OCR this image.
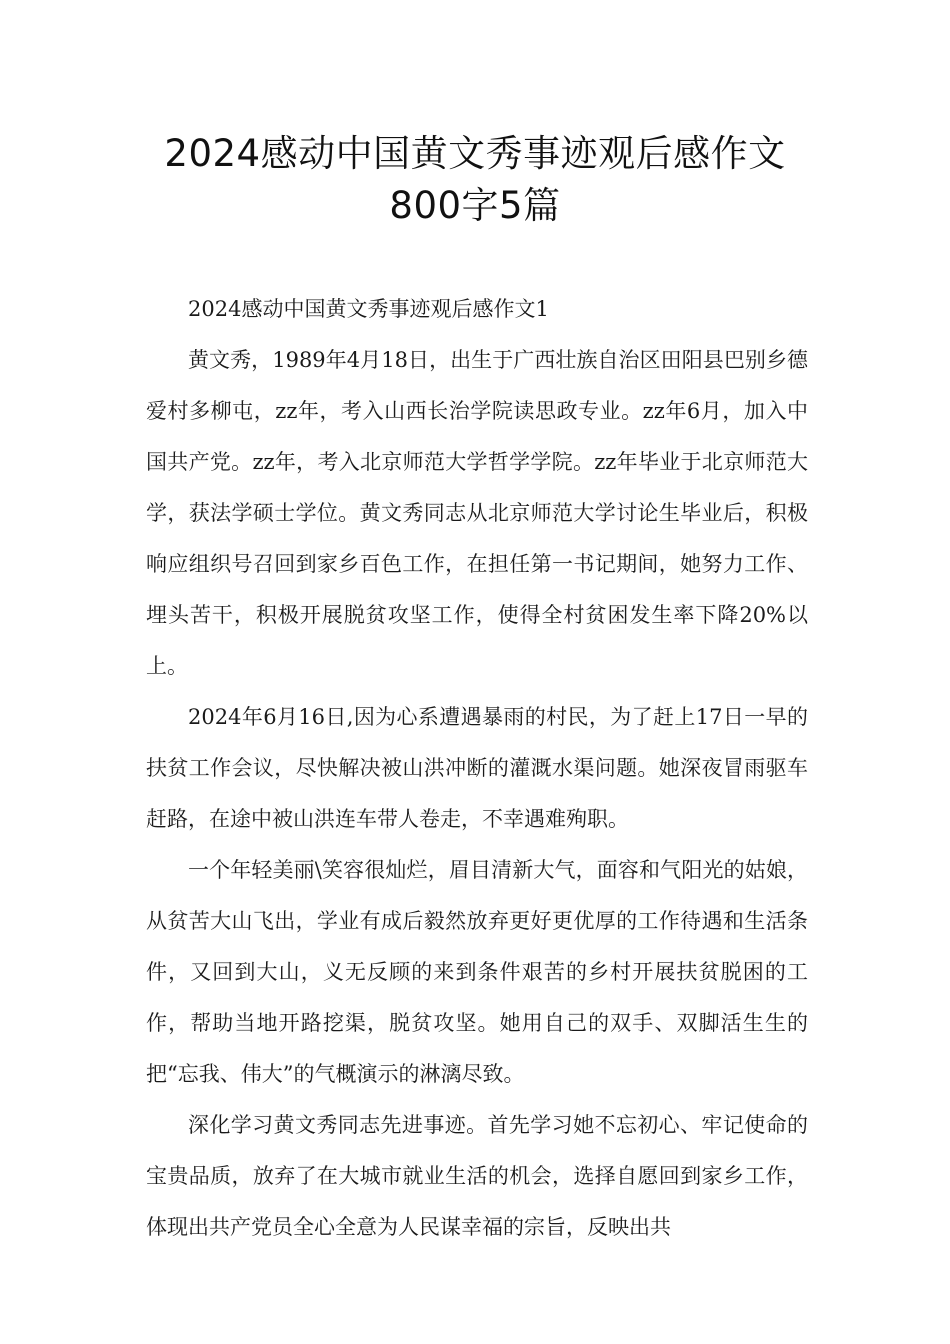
2024感动中国黄文秀事迹观后感作文
800字5篇

2024感动中国黄文秀事迹观后感作文1

黄文秀，1989年4月18日，出生于广西壮族自治区田阳县巴别乡德爱村多柳屯，zz年，考入山西长治学院读思政专业。zz年6月，加入中国共产党。zz年，考入北京师范大学哲学学院。zz年毕业于北京师范大学，获法学硕士学位。黄文秀同志从北京师范大学讨论生毕业后，积极响应组织号召回到家乡百色工作，在担任第一书记期间，她努力工作、埋头苦干，积极开展脱贫攻坚工作，使得全村贫困发生率下降20%以上。

2024年6月16日,因为心系遭遇暴雨的村民，为了赶上17日一早的扶贫工作会议，尽快解决被山洪冲断的灌溉水渠问题。她深夜冒雨驱车赶路，在途中被山洪连车带人卷走，不幸遇难殉职。

一个年轻美丽\笑容很灿烂，眉目清新大气，面容和气阳光的姑娘，从贫苦大山飞出，学业有成后毅然放弃更好更优厚的工作待遇和生活条件，又回到大山，义无反顾的来到条件艰苦的乡村开展扶贫脱困的工作，帮助当地开路挖渠，脱贫攻坚。她用自己的双手、双脚活生生的把“忘我、伟大”的气概演示的淋漓尽致。

深化学习黄文秀同志先进事迹。首先学习她不忘初心、牢记使命的宝贵品质，放弃了在大城市就业生活的机会，选择自愿回到家乡工作，体现出共产党员全心全意为人民谋幸福的宗旨，反映出共
